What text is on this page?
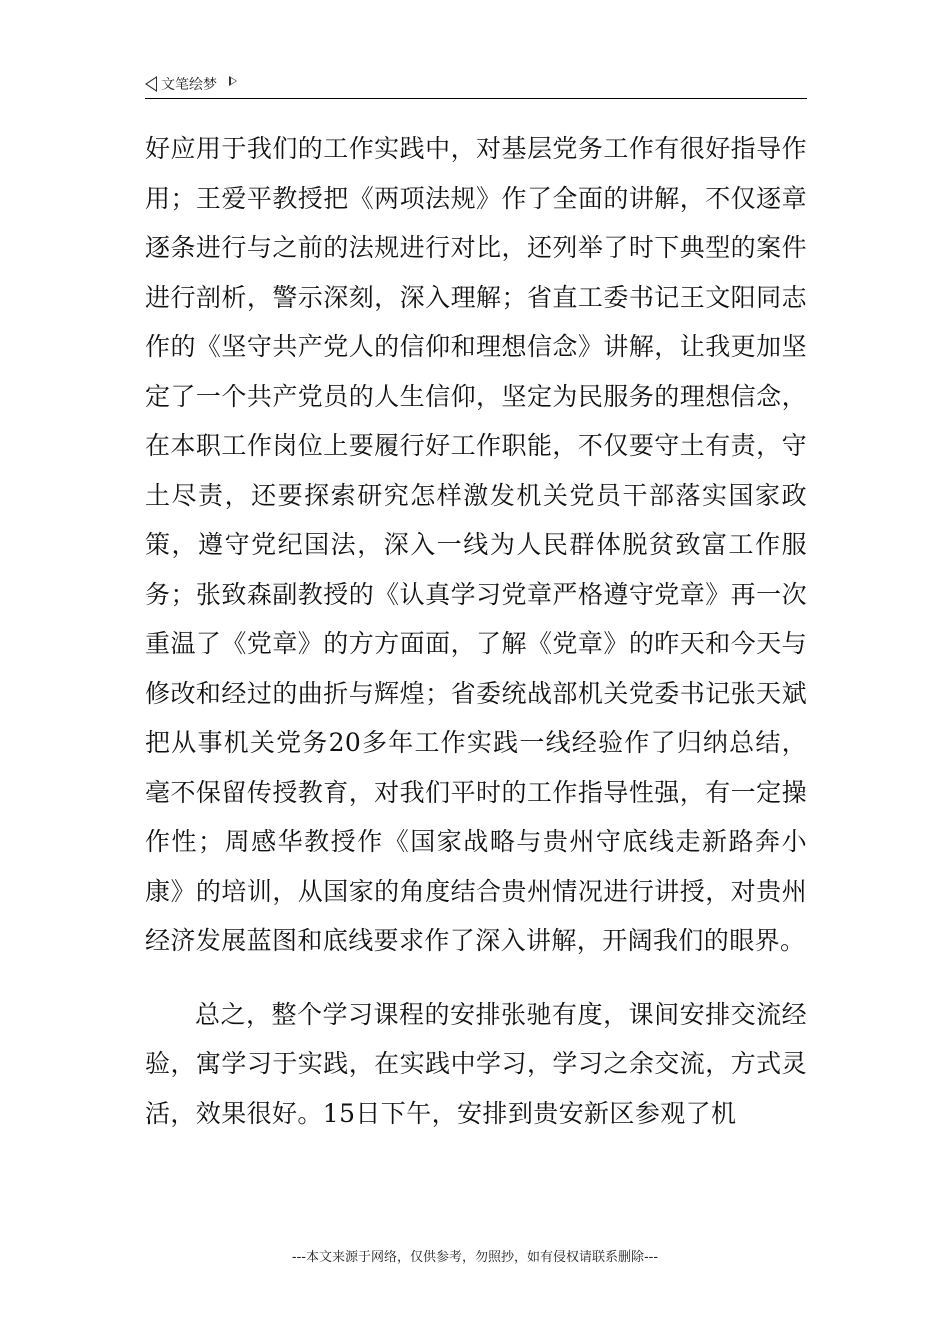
文笔绘梦

好应用于我们的工作实践中，对基层党务工作有很好指导作用；王爱平教授把《两项法规》作了全面的讲解，不仅逐章逐条进行与之前的法规进行对比，还列举了时下典型的案件进行剖析，警示深刻，深入理解；省直工委书记王文阳同志作的《坚守共产党人的信仰和理想信念》讲解，让我更加坚定了一个共产党员的人生信仰，坚定为民服务的理想信念，在本职工作岗位上要履行好工作职能，不仅要守土有责，守土尽责，还要探索研究怎样激发机关党员干部落实国家政策，遵守党纪国法，深入一线为人民群体脱贫致富工作服务；张致森副教授的《认真学习党章严格遵守党章》再一次重温了《党章》的方方面面，了解《党章》的昨天和今天与修改和经过的曲折与辉煌；省委统战部机关党委书记张天斌把从事机关党务20多年工作实践一线经验作了归纳总结，毫不保留传授教育，对我们平时的工作指导性强，有一定操作性；周感华教授作《国家战略与贵州守底线走新路奔小康》的培训，从国家的角度结合贵州情况进行讲授，对贵州经济发展蓝图和底线要求作了深入讲解，开阔我们的眼界。

总之，整个学习课程的安排张驰有度，课间安排交流经验，寓学习于实践，在实践中学习，学习之余交流，方式灵活，效果很好。15日下午，安排到贵安新区参观了机

---本文来源于网络，仅供参考，勿照抄，如有侵权请联系删除---
